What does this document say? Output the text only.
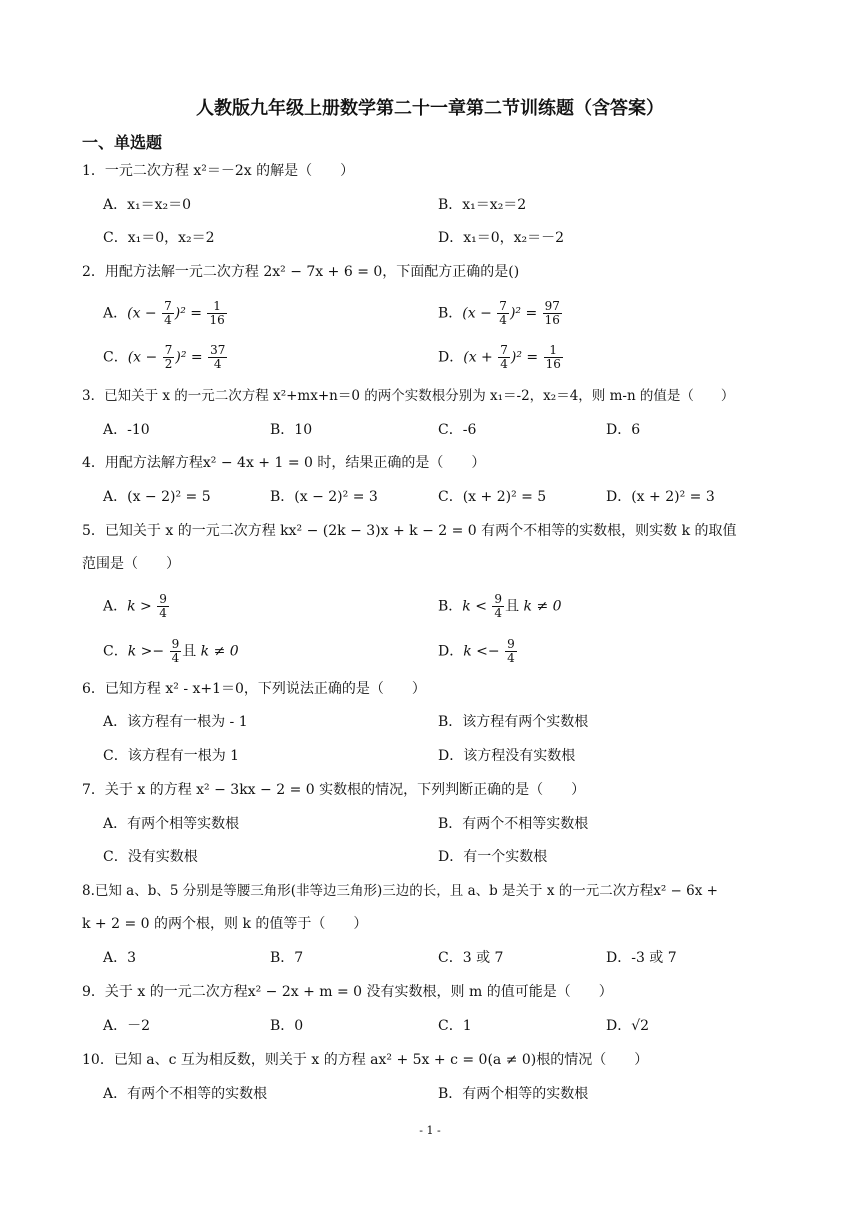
人教版九年级上册数学第二十一章第二节训练题（含答案）
一、单选题
1．一元二次方程 x²＝－2x 的解是（　　）
A．x₁＝x₂＝0	B．x₁＝x₂＝2
C．x₁＝0，x₂＝2	D．x₁＝0，x₂＝－2
2．用配方法解一元二次方程 2x² − 7x + 6 = 0，下面配方正确的是()
A．$(x - \frac{7}{4} )^2 = \frac{1}{16}$	B．$(x - \frac{7}{4} )^2 = \frac{97}{16}$
C．$(x - \frac{7}{2} )^2 = \frac{37}{4}$	D．$(x + \frac{7}{4} )^2 = \frac{1}{16}$
3．已知关于 x 的一元二次方程 x²+mx+n＝0 的两个实数根分别为 x₁＝-2，x₂＝4，则 m-n 的值是（　　）
A．-10	B．10	C．-6	D．6
4．用配方法解方程x² − 4x + 1 = 0 时，结果正确的是（　　）
A．(x − 2)² = 5	B．(x − 2)² = 3	C．(x + 2)² = 5	D．(x + 2)² = 3
5．已知关于 x 的一元二次方程 kx² − (2k − 3)x + k − 2 = 0 有两个不相等的实数根，则实数 k 的取值
范围是（　　）
A．$k > \frac{9}{4}$	B．$k < \frac{9}{4}$ 且 k ≠ 0
C．$k >- \frac{9}{4}$ 且 k ≠ 0	D．$k <- \frac{9}{4}$
6．已知方程 x² - x+1＝0，下列说法正确的是（　　）
A．该方程有一根为 - 1	B．该方程有两个实数根
C．该方程有一根为 1	D．该方程没有实数根
7．关于 x 的方程 x² − 3kx − 2 = 0 实数根的情况，下列判断正确的是（　　）
A．有两个相等实数根	B．有两个不相等实数根
C．没有实数根	D．有一个实数根
8.已知 a、b、5 分别是等腰三角形(非等边三角形)三边的长，且 a、b 是关于 x 的一元二次方程x² − 6x +
k + 2 = 0 的两个根，则 k 的值等于（　　）
A．3	B．7	C．3 或 7	D．-3 或 7
9．关于 x 的一元二次方程x² − 2x + m = 0 没有实数根，则 m 的值可能是（　　）
A．－2	B．0	C．1	D．√2
10．已知 a、c 互为相反数，则关于 x 的方程 ax² + 5x + c = 0(a ≠ 0)根的情况（　　）
A．有两个不相等的实数根	B．有两个相等的实数根
- 1 -
